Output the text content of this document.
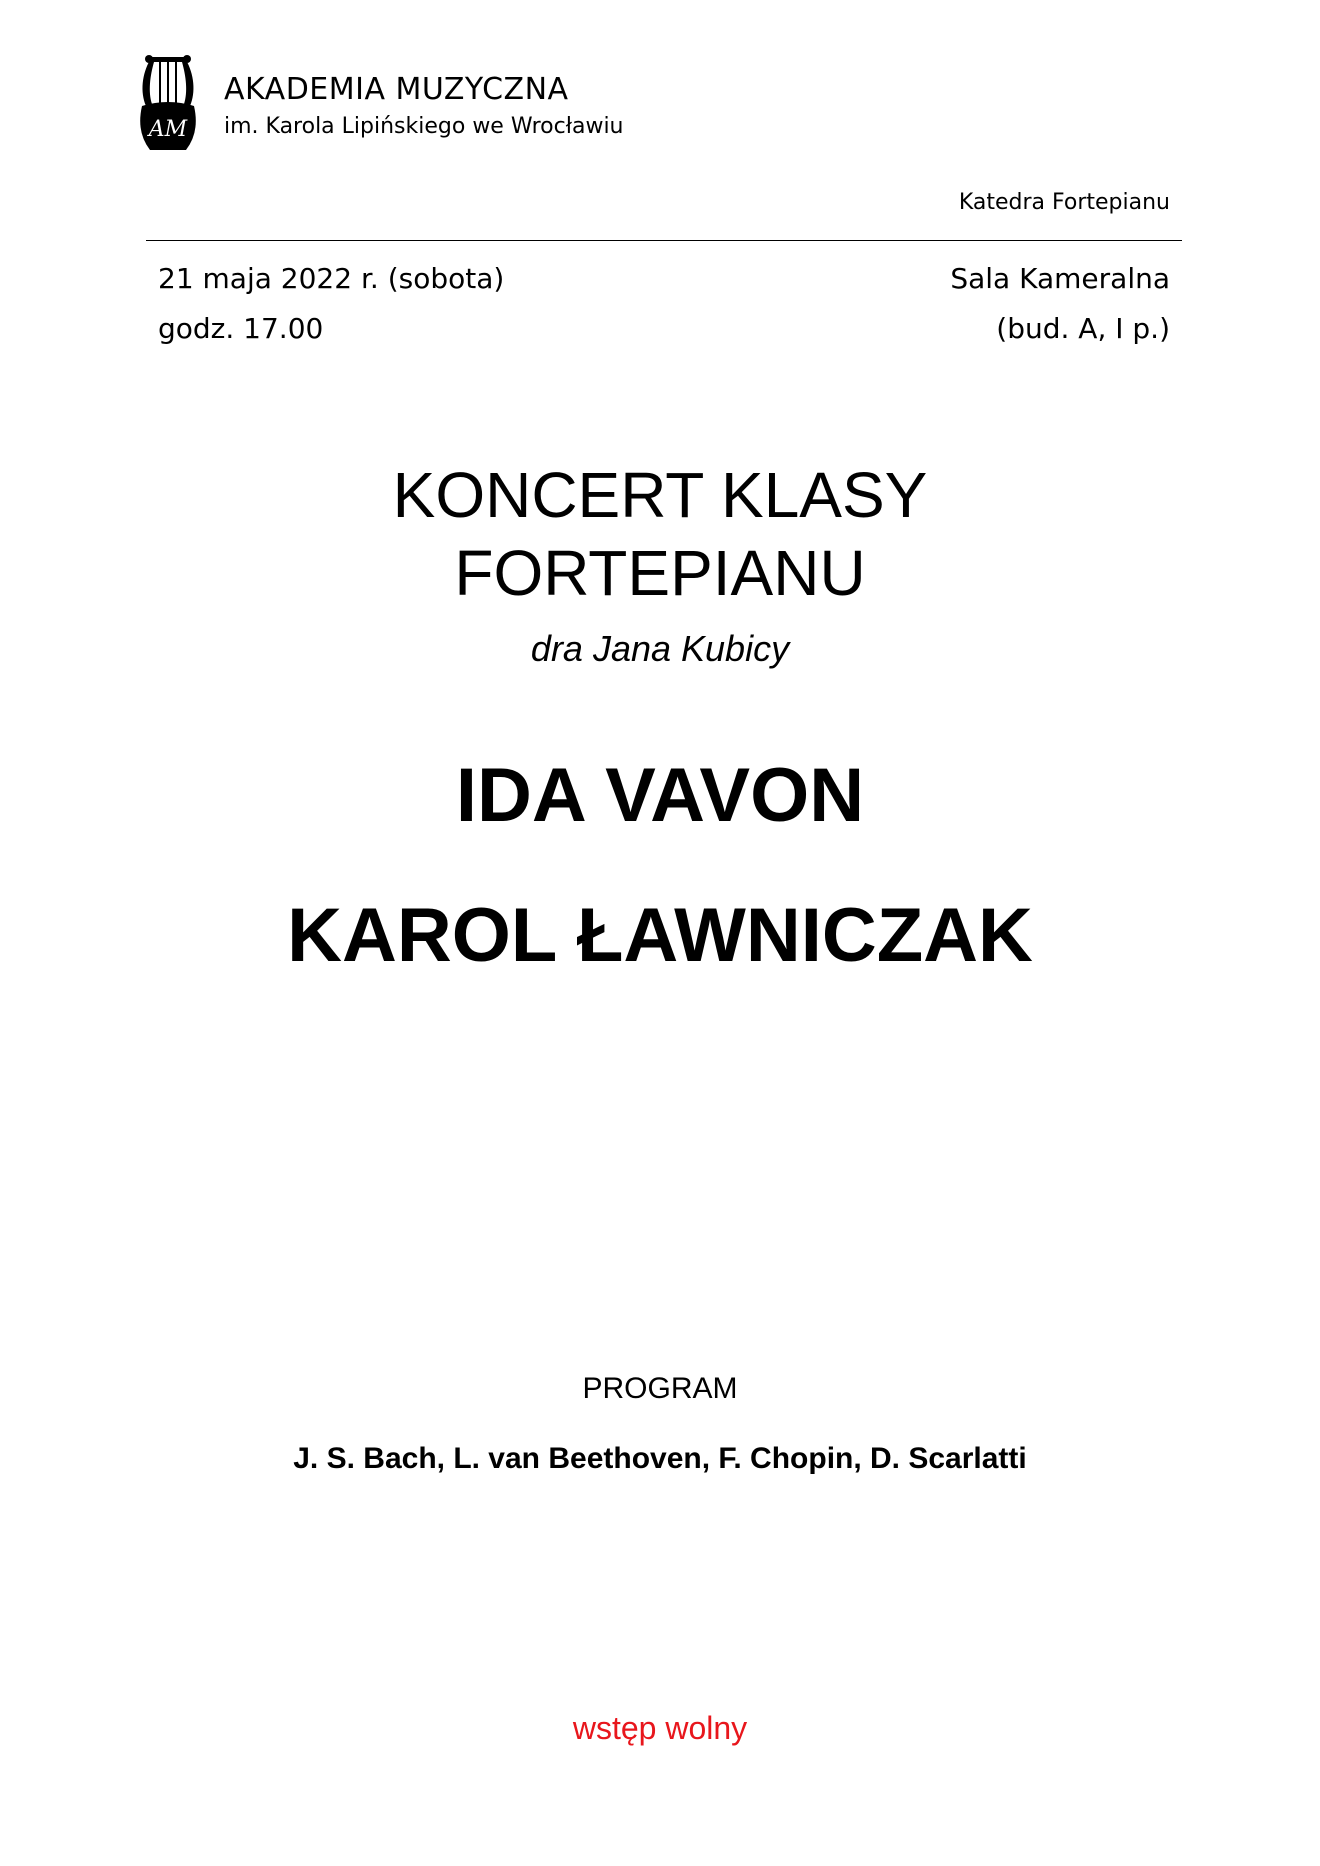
AM
AKADEMIA MUZYCZNA
im. Karola Lipińskiego we Wrocławiu
Katedra Fortepianu
21 maja 2022 r. (sobota)
godz. 17.00
Sala Kameralna
(bud. A, I p.)
KONCERT KLASY
FORTEPIANU
dra Jana Kubicy
IDA VAVON
KAROL ŁAWNICZAK
PROGRAM
J. S. Bach, L. van Beethoven, F. Chopin, D. Scarlatti
wstęp wolny
